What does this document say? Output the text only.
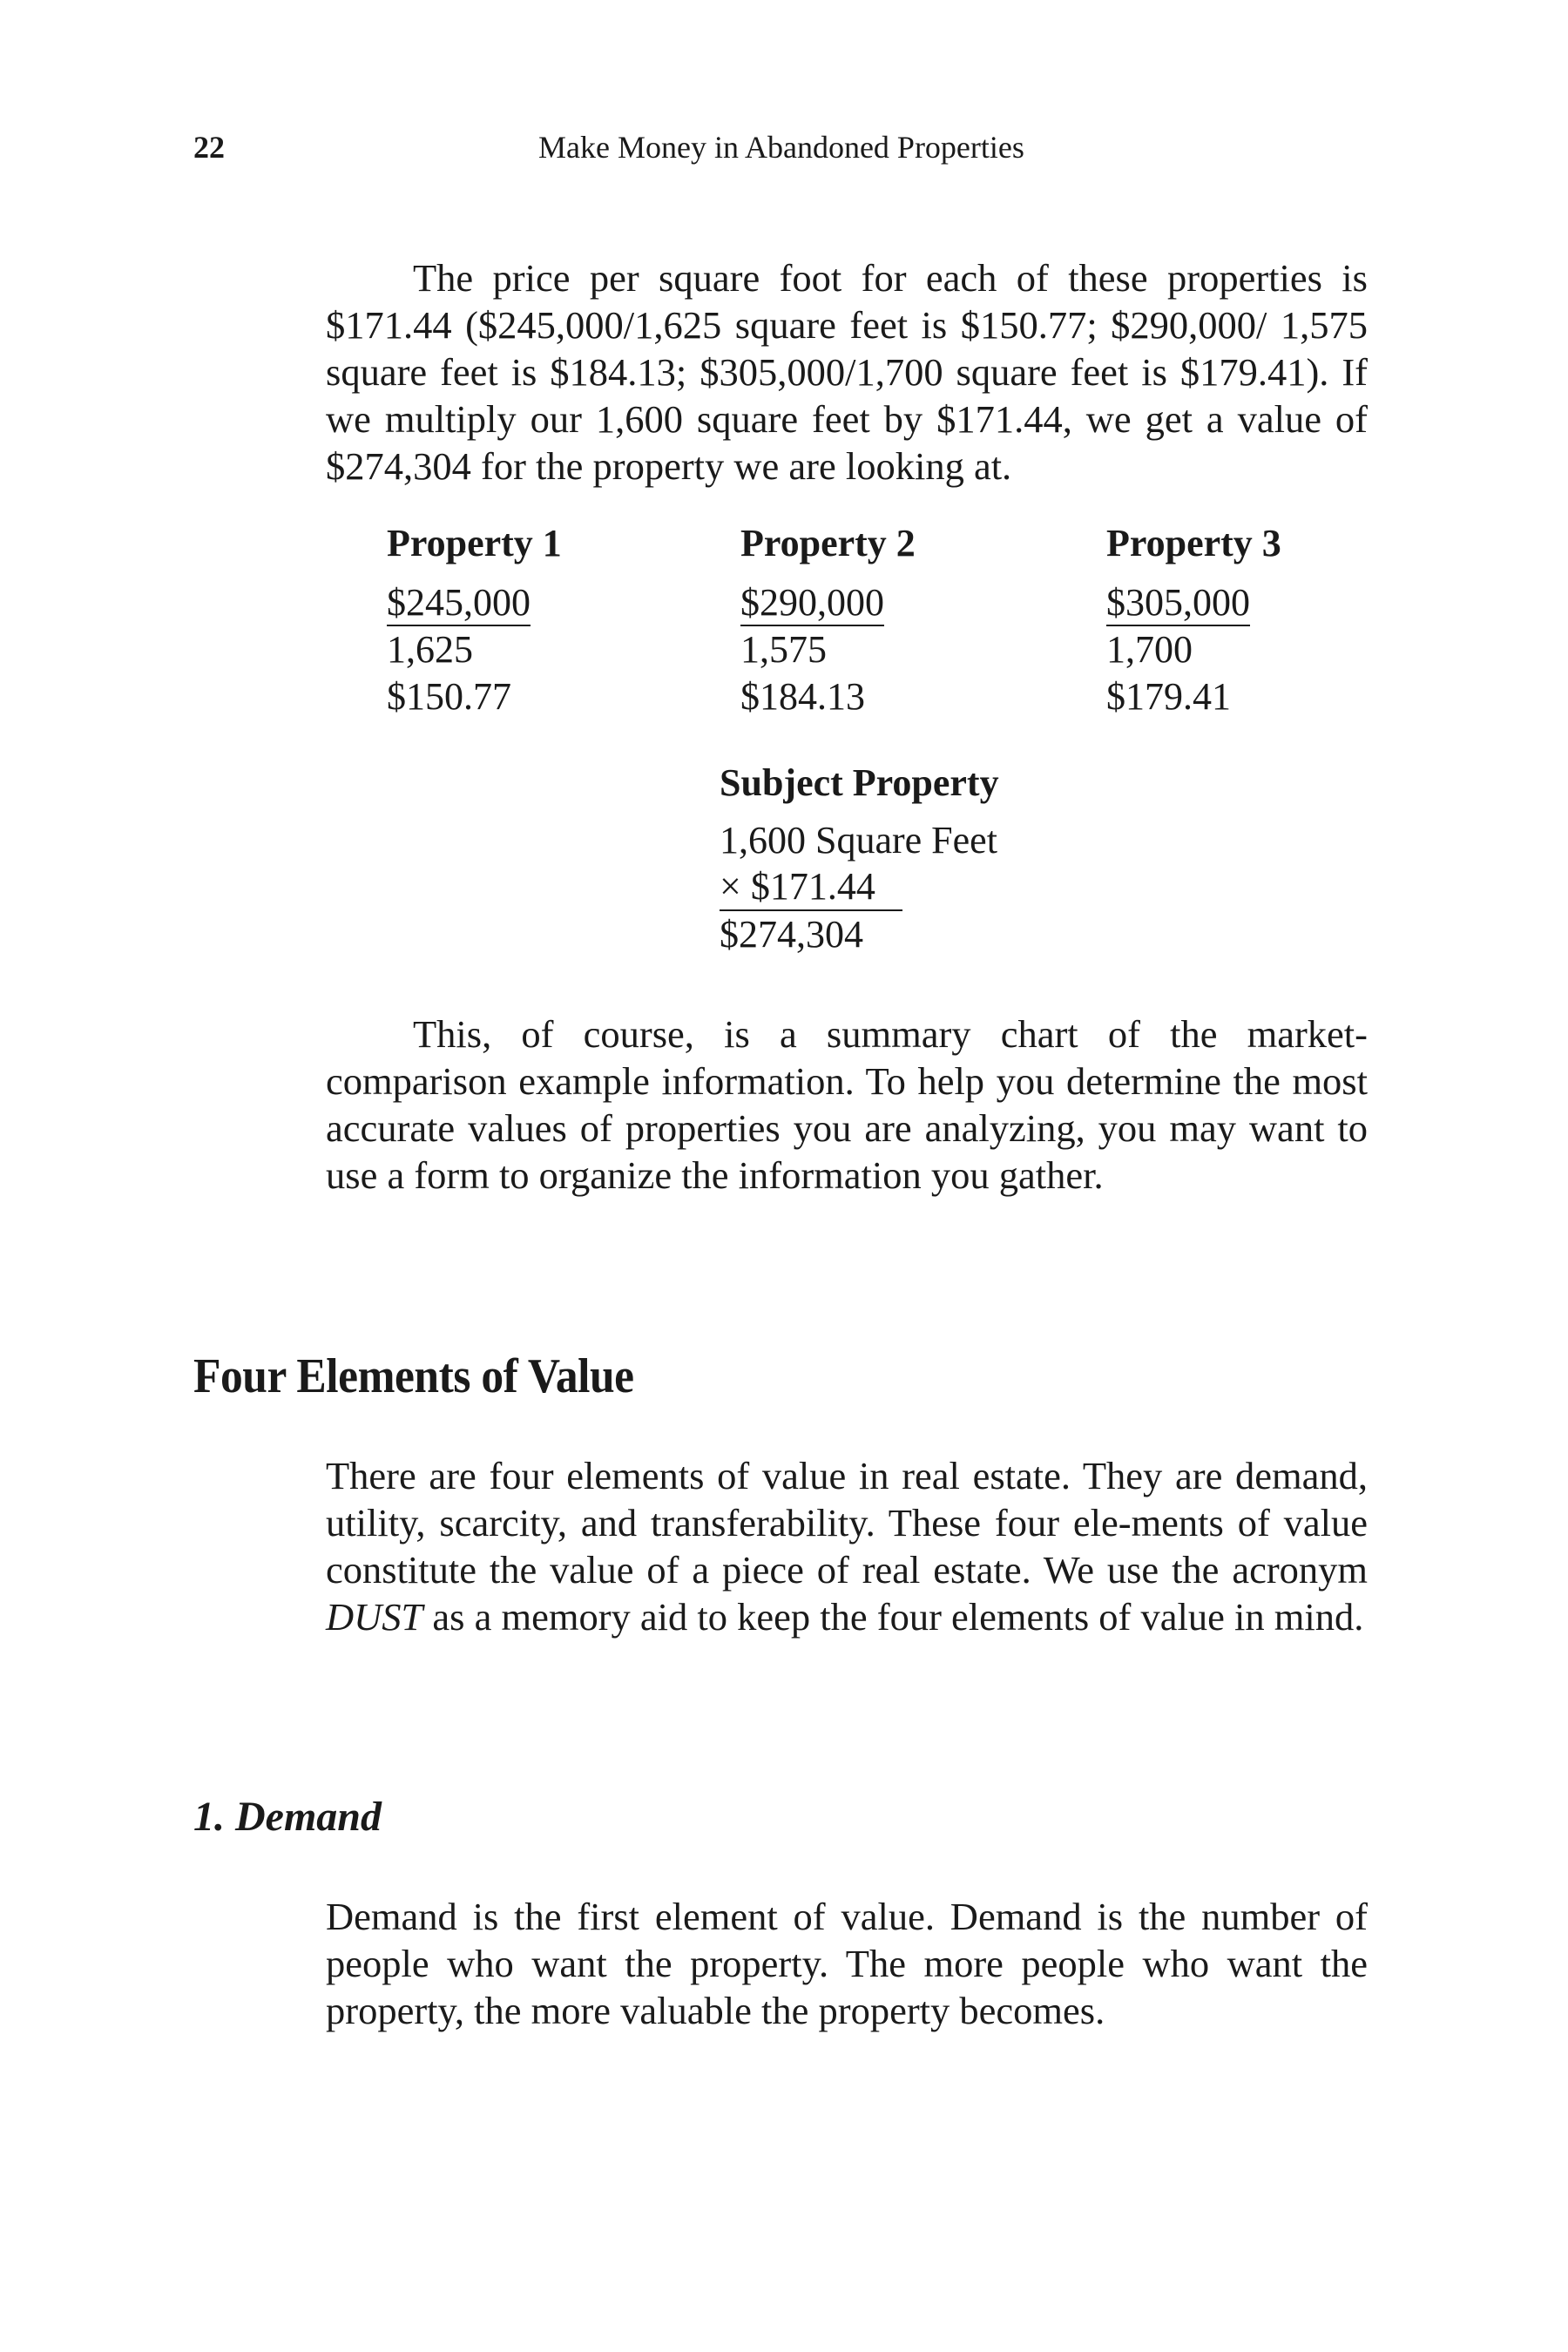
22	Make Money in Abandoned Properties
The price per square foot for each of these properties is $171.44 ($245,000/1,625 square feet is $150.77; $290,000/ 1,575 square feet is $184.13; $305,000/1,700 square feet is $179.41). If we multiply our 1,600 square feet by $171.44, we get a value of $274,304 for the property we are looking at.
Property 1
$245,000
1,625
$150.77
Property 2
$290,000
1,575
$184.13
Property 3
$305,000
1,700
$179.41
Subject Property
1,600 Square Feet
× $171.44
$274,304
This, of course, is a summary chart of the market-comparison example information. To help you determine the most accurate values of properties you are analyzing, you may want to use a form to organize the information you gather.
Four Elements of Value
There are four elements of value in real estate. They are demand, utility, scarcity, and transferability. These four ele-ments of value constitute the value of a piece of real estate. We use the acronym DUST as a memory aid to keep the four elements of value in mind.
1. Demand
Demand is the first element of value. Demand is the number of people who want the property. The more people who want the property, the more valuable the property becomes.
